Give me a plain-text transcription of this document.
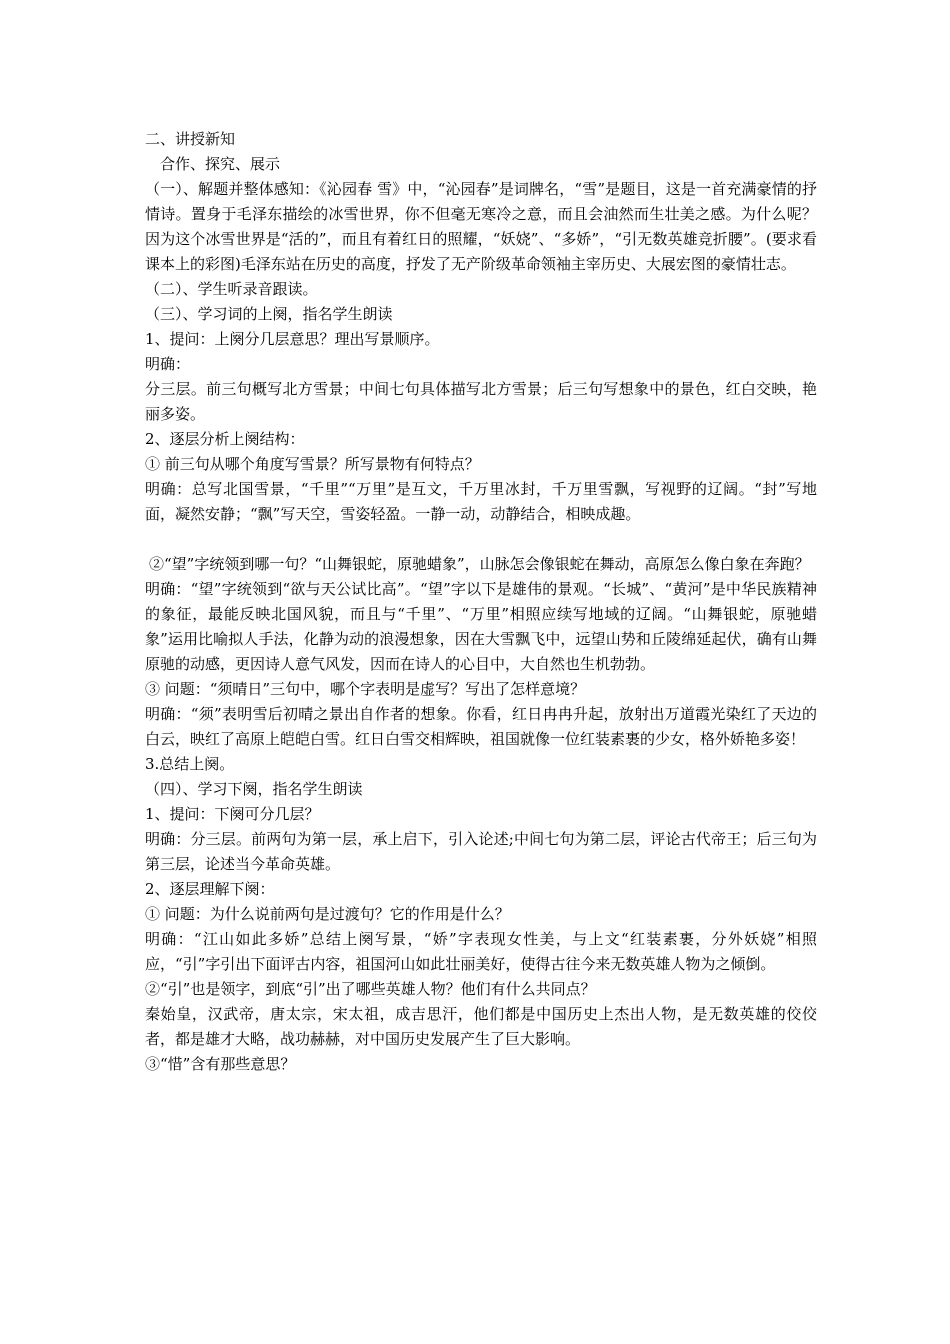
二、讲授新知

合作、探究、展示

（一）、解题并整体感知：《沁园春 雪》中，“沁园春”是词牌名，“雪”是题目，这是一首充满豪情的抒情诗。置身于毛泽东描绘的冰雪世界，你不但毫无寒冷之意，而且会油然而生壮美之感。为什么呢？因为这个冰雪世界是“活的”，而且有着红日的照耀，“妖娆”、“多娇”，“引无数英雄竞折腰”。(要求看课本上的彩图)毛泽东站在历史的高度，抒发了无产阶级革命领袖主宰历史、大展宏图的豪情壮志。

（二）、学生听录音跟读。

（三）、学习词的上阕，指名学生朗读

1、提问：上阕分几层意思？理出写景顺序。

明确：

分三层。前三句概写北方雪景；中间七句具体描写北方雪景；后三句写想象中的景色，红白交映，艳丽多姿。

2、逐层分析上阕结构：

① 前三句从哪个角度写雪景？所写景物有何特点？

明确：总写北国雪景，“千里”“万里”是互文，千万里冰封，千万里雪飘，写视野的辽阔。“封”写地面，凝然安静；“飘”写天空，雪姿轻盈。一静一动，动静结合，相映成趣。

②“望”字统领到哪一句？“山舞银蛇，原驰蜡象”，山脉怎会像银蛇在舞动，高原怎么像白象在奔跑？

明确：“望”字统领到“欲与天公试比高”。“望”字以下是雄伟的景观。“长城”、“黄河”是中华民族精神的象征，最能反映北国风貌，而且与“千里”、“万里”相照应续写地域的辽阔。“山舞银蛇，原驰蜡象”运用比喻拟人手法，化静为动的浪漫想象，因在大雪飘飞中，远望山势和丘陵绵延起伏，确有山舞原驰的动感，更因诗人意气风发，因而在诗人的心目中，大自然也生机勃勃。

③ 问题：“须晴日”三句中，哪个字表明是虚写？写出了怎样意境？

明确：“须”表明雪后初晴之景出自作者的想象。你看，红日冉冉升起，放射出万道霞光染红了天边的白云，映红了高原上皑皑白雪。红日白雪交相辉映，祖国就像一位红装素裹的少女，格外娇艳多姿！

3.总结上阕。

（四）、学习下阕，指名学生朗读

1、提问：下阕可分几层？

明确：分三层。前两句为第一层，承上启下，引入论述;中间七句为第二层，评论古代帝王；后三句为第三层，论述当今革命英雄。

2、逐层理解下阕：

① 问题：为什么说前两句是过渡句？它的作用是什么？

明确：“江山如此多娇”总结上阕写景，“娇”字表现女性美，与上文“红装素裹，分外妖娆”相照应，“引”字引出下面评古内容，祖国河山如此壮丽美好，使得古往今来无数英雄人物为之倾倒。

②“引”也是领字，到底“引”出了哪些英雄人物？他们有什么共同点？

秦始皇，汉武帝，唐太宗，宋太祖，成吉思汗，他们都是中国历史上杰出人物，是无数英雄的佼佼者，都是雄才大略，战功赫赫，对中国历史发展产生了巨大影响。

③“惜”含有那些意思？
